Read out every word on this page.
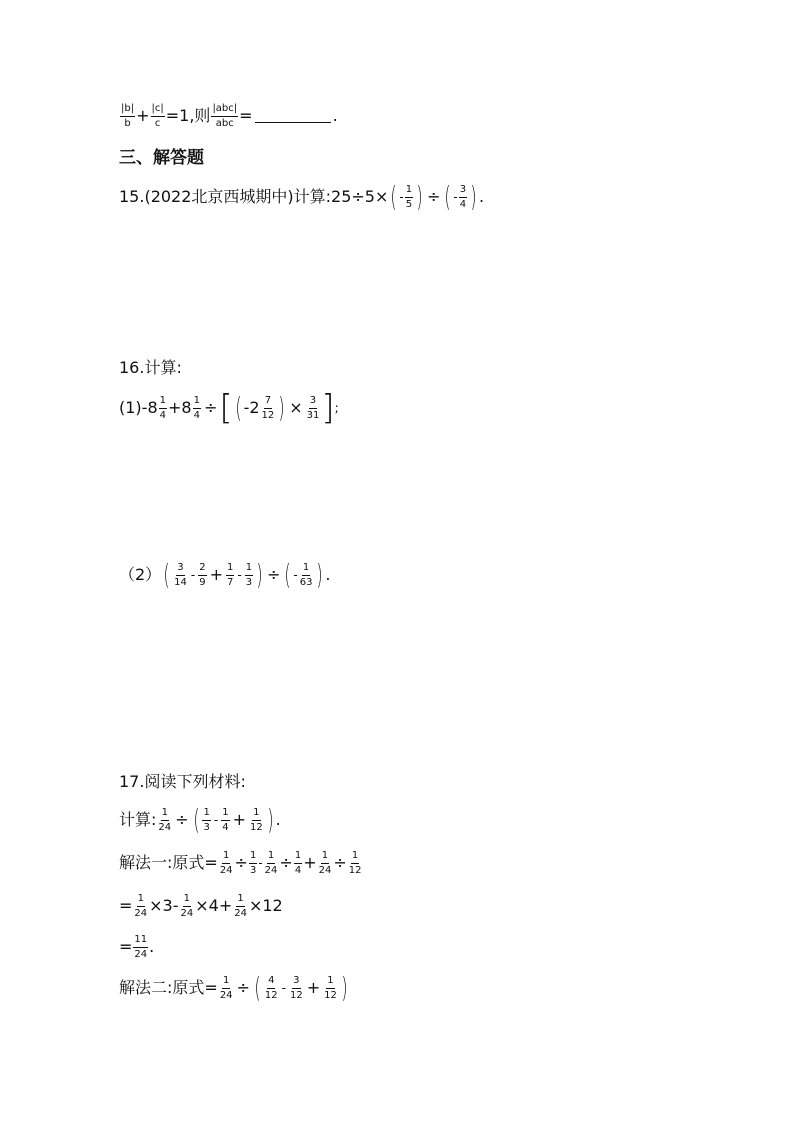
$\frac{|b|}{b} + \frac{|c|}{c} =1$,则 $\frac{\text{|abc|}}{\text{abc}}$ =	.
三、解答题
15.(2022北京西城期中)计算:25÷5× ( - $\frac{1}{5}$ ) ÷ ( - $\frac{3}{4}$ ) .
16.计算:
(1)- $8 \frac{1}{4} + 8 \frac{1}{4}$ ÷ [ ( - $2 \frac{7}{12}$ ) × $\frac{3}{31}$ ] ;
（2） ( $\frac{3}{14} - \frac{2}{9} + \frac{1}{7} - \frac{1}{3}$ ) ÷ ( - $\frac{1}{63}$ ) .
17.阅读下列材料:
计算: $\frac{1}{24}$ ÷ ( $\frac{1}{3} - \frac{1}{4} + \frac{1}{12}$ ) .
解法一:原式= $\frac{1}{24} \div \frac{1}{3} - \frac{1}{24} \div \frac{1}{4} + \frac{1}{24} \div \frac{1}{12}$
= $\frac{1}{24} \times 3- \frac{1}{24} \times 4+ \frac{1}{24} \times 12$
= $\frac{11}{24}$ .
解法二:原式= $\frac{1}{24}$ ÷ ( $\frac{4}{12} - \frac{3}{12} + \frac{1}{12}$ )
